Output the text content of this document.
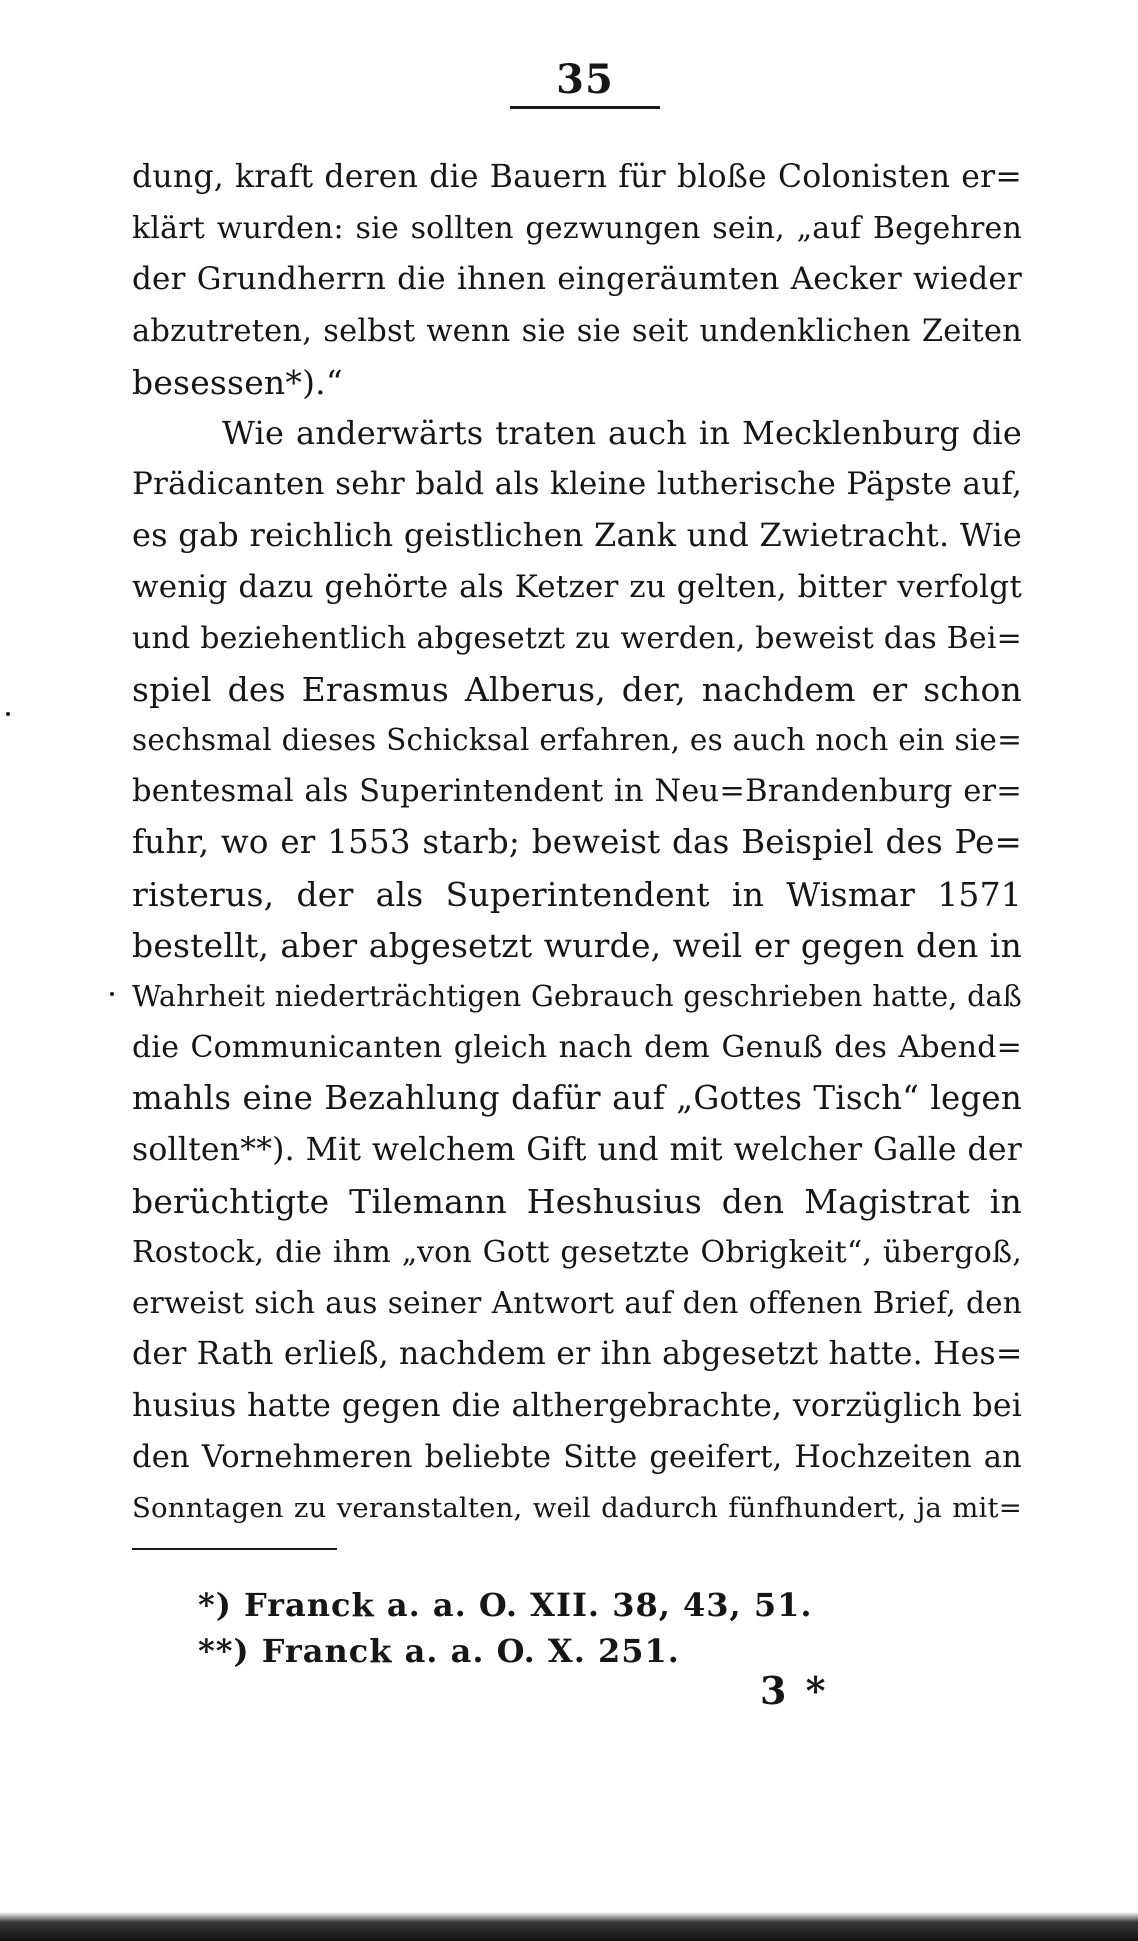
35
dung, kraft deren die Bauern für bloße Colonisten er=
klärt wurden: sie sollten gezwungen sein, „auf Begehren
der Grundherrn die ihnen eingeräumten Aecker wieder
abzutreten, selbst wenn sie sie seit undenklichen Zeiten
besessen*).“
Wie anderwärts traten auch in Mecklenburg die
Prädicanten sehr bald als kleine lutherische Päpste auf,
es gab reichlich geistlichen Zank und Zwietracht. Wie
wenig dazu gehörte als Ketzer zu gelten, bitter verfolgt
und beziehentlich abgesetzt zu werden, beweist das Bei=
spiel des Erasmus Alberus, der, nachdem er schon
sechsmal dieses Schicksal erfahren, es auch noch ein sie=
bentesmal als Superintendent in Neu=Brandenburg er=
fuhr, wo er 1553 starb; beweist das Beispiel des Pe=
risterus, der als Superintendent in Wismar 1571
bestellt, aber abgesetzt wurde, weil er gegen den in
Wahrheit niederträchtigen Gebrauch geschrieben hatte, daß
die Communicanten gleich nach dem Genuß des Abend=
mahls eine Bezahlung dafür auf „Gottes Tisch“ legen
sollten**). Mit welchem Gift und mit welcher Galle der
berüchtigte Tilemann Heshusius den Magistrat in
Rostock, die ihm „von Gott gesetzte Obrigkeit“, übergoß,
erweist sich aus seiner Antwort auf den offenen Brief, den
der Rath erließ, nachdem er ihn abgesetzt hatte. Hes=
husius hatte gegen die althergebrachte, vorzüglich bei
den Vornehmeren beliebte Sitte geeifert, Hochzeiten an
Sonntagen zu veranstalten, weil dadurch fünfhundert, ja mit=
*) Franck a. a. O. XII. 38, 43, 51.
**) Franck a. a. O. X. 251.
3 *
